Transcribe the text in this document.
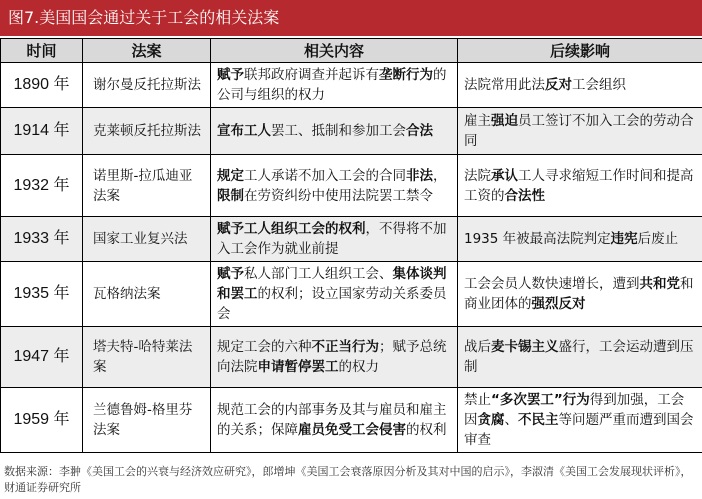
图7.美国国会通过关于工会的相关法案
时间	法案	相关内容	后续影响
1890 年	谢尔曼反托拉斯法	赋予联邦政府调查并起诉有垄断行为的公司与组织的权力	法院常用此法反对工会组织
1914 年	克莱顿反托拉斯法	宣布工人罢工、抵制和参加工会合法	雇主强迫员工签订不加入工会的劳动合同
1932 年	诺里斯-拉瓜迪亚法案	规定工人承诺不加入工会的合同非法，限制在劳资纠纷中使用法院罢工禁令	法院承认工人寻求缩短工作时间和提高工资的合法性
1933 年	国家工业复兴法	赋予工人组织工会的权利，不得将不加入工会作为就业前提	1935 年被最高法院判定违宪后废止
1935 年	瓦格纳法案	赋予私人部门工人组织工会、集体谈判和罢工的权利；设立国家劳动关系委员会	工会会员人数快速增长，遭到共和党和商业团体的强烈反对
1947 年	塔夫特-哈特莱法案	规定工会的六种不正当行为；赋予总统向法院申请暂停罢工的权力	战后麦卡锡主义盛行，工会运动遭到压制
1959 年	兰德鲁姆-格里芬法案	规范工会的内部事务及其与雇员和雇主的关系；保障雇员免受工会侵害的权利	禁止“多次罢工”行为得到加强，工会因贪腐、不民主等问题严重而遭到国会审查
数据来源：李翀《美国工会的兴衰与经济效应研究》，郎增坤《美国工会衰落原因分析及其对中国的启示》，李淑清《美国工会发展现状评析》，财通证券研究所
